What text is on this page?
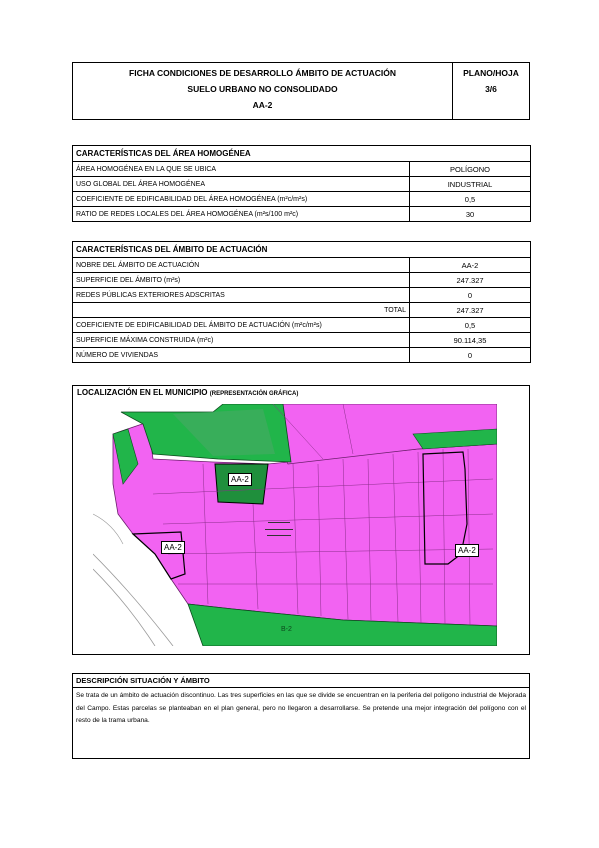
FICHA CONDICIONES DE DESARROLLO ÁMBITO DE ACTUACIÓN
SUELO URBANO NO CONSOLIDADO
AA-2
PLANO/HOJA
3/6
CARACTERÍSTICAS DEL ÁREA HOMOGÉNEA	
ÁREA HOMOGÉNEA EN LA QUE SE UBICA	POLÍGONO
USO GLOBAL DEL ÁREA HOMOGÉNEA	INDUSTRIAL
COEFICIENTE DE EDIFICABILIDAD DEL ÁREA HOMOGÉNEA (m²c/m²s)	0,5
RATIO DE REDES LOCALES DEL ÁREA HOMOGÉNEA (m²s/100 m²c)	30
CARACTERÍSTICAS DEL ÁMBITO DE ACTUACIÓN	
NOBRE DEL ÁMBITO DE ACTUACIÓN	AA-2
SUPERFICIE DEL ÁMBITO (m²s)	247.327
REDES PÚBLICAS EXTERIORES ADSCRITAS	0
TOTAL	247.327
COEFICIENTE DE EDIFICABILIDAD DEL ÁMBITO DE ACTUACIÓN (m²c/m²s)	0,5
SUPERFICIE MÁXIMA CONSTRUIDA (m²c)	90.114,35
NÚMERO DE VIVIENDAS	0
LOCALIZACIÓN EN EL MUNICIPIO (REPRESENTACIÓN GRÁFICA)
AA-2
AA-2	AA-2
B-2
DESCRIPCIÓN SITUACIÓN Y ÁMBITO
Se trata de un ámbito de actuación discontinuo. Las tres superficies en las que se divide se encuentran en la periferia del polígono industrial de Mejorada del Campo. Estas parcelas se planteaban en el plan general, pero no llegaron a desarrollarse. Se pretende una mejor integración del polígono con el resto de la trama urbana.
